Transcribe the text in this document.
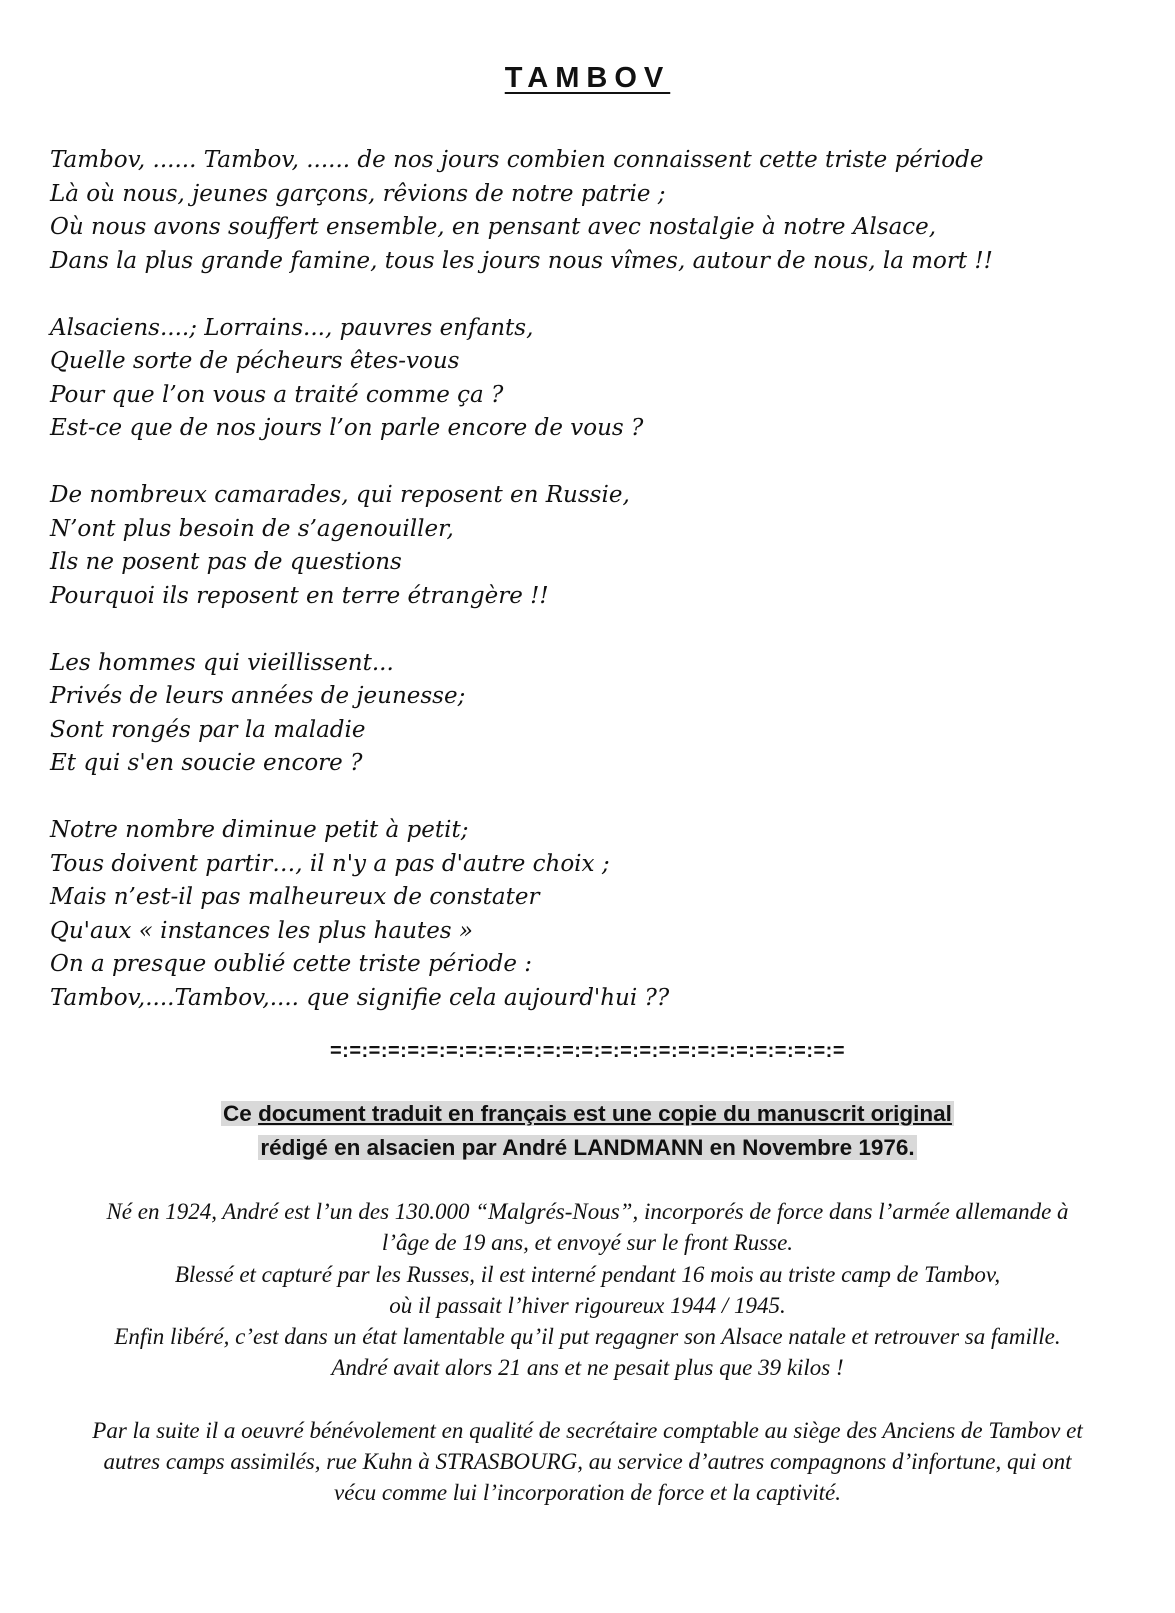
TAMBOV
Tambov, ...... Tambov, ...... de nos jours combien connaissent cette triste période
Là où nous, jeunes garçons, rêvions de notre patrie ;
Où nous avons souffert ensemble, en pensant avec nostalgie à notre Alsace,
Dans la plus grande famine, tous les jours nous vîmes, autour de nous, la mort !!
Alsaciens....; Lorrains..., pauvres enfants,
Quelle sorte de pécheurs êtes-vous
Pour que l’on vous a traité comme ça ?
Est-ce que de nos jours l’on parle encore de vous ?
De nombreux camarades, qui reposent en Russie,
N’ont plus besoin de s’agenouiller,
Ils ne posent pas de questions
Pourquoi ils reposent en terre étrangère !!
Les hommes qui vieillissent...
Privés de leurs années de jeunesse;
Sont rongés par la maladie
Et qui s'en soucie encore ?
Notre nombre diminue petit à petit;
Tous doivent partir…, il n'y a pas d'autre choix ;
Mais n’est-il pas malheureux de constater
Qu'aux « instances les plus hautes »
On a presque oublié cette triste période :
Tambov,....Tambov,.... que signifie cela aujourd'hui ??
=:=:=:=:=:=:=:=:=:=:=:=:=:=:=:=:=:=:=:=:=:=:=:=:=:=:=
Ce document traduit en français est une copie du manuscrit original
rédigé en alsacien par André LANDMANN en Novembre 1976.
Né en 1924, André est l’un des 130.000 “Malgrés-Nous”, incorporés de force dans l’armée allemande à
l’âge de 19 ans, et envoyé sur le front Russe.
Blessé et capturé par les Russes, il est interné pendant 16 mois au triste camp de Tambov,
où il passait l’hiver rigoureux 1944 / 1945.
Enfin libéré, c’est dans un état lamentable qu’il put regagner son Alsace natale et retrouver sa famille.
André avait alors 21 ans et ne pesait plus que 39 kilos !
Par la suite il a oeuvré bénévolement en qualité de secrétaire comptable au siège des Anciens de Tambov et
autres camps assimilés, rue Kuhn à STRASBOURG, au service d’autres compagnons d’infortune, qui ont
vécu comme lui l’incorporation de force et la captivité.
